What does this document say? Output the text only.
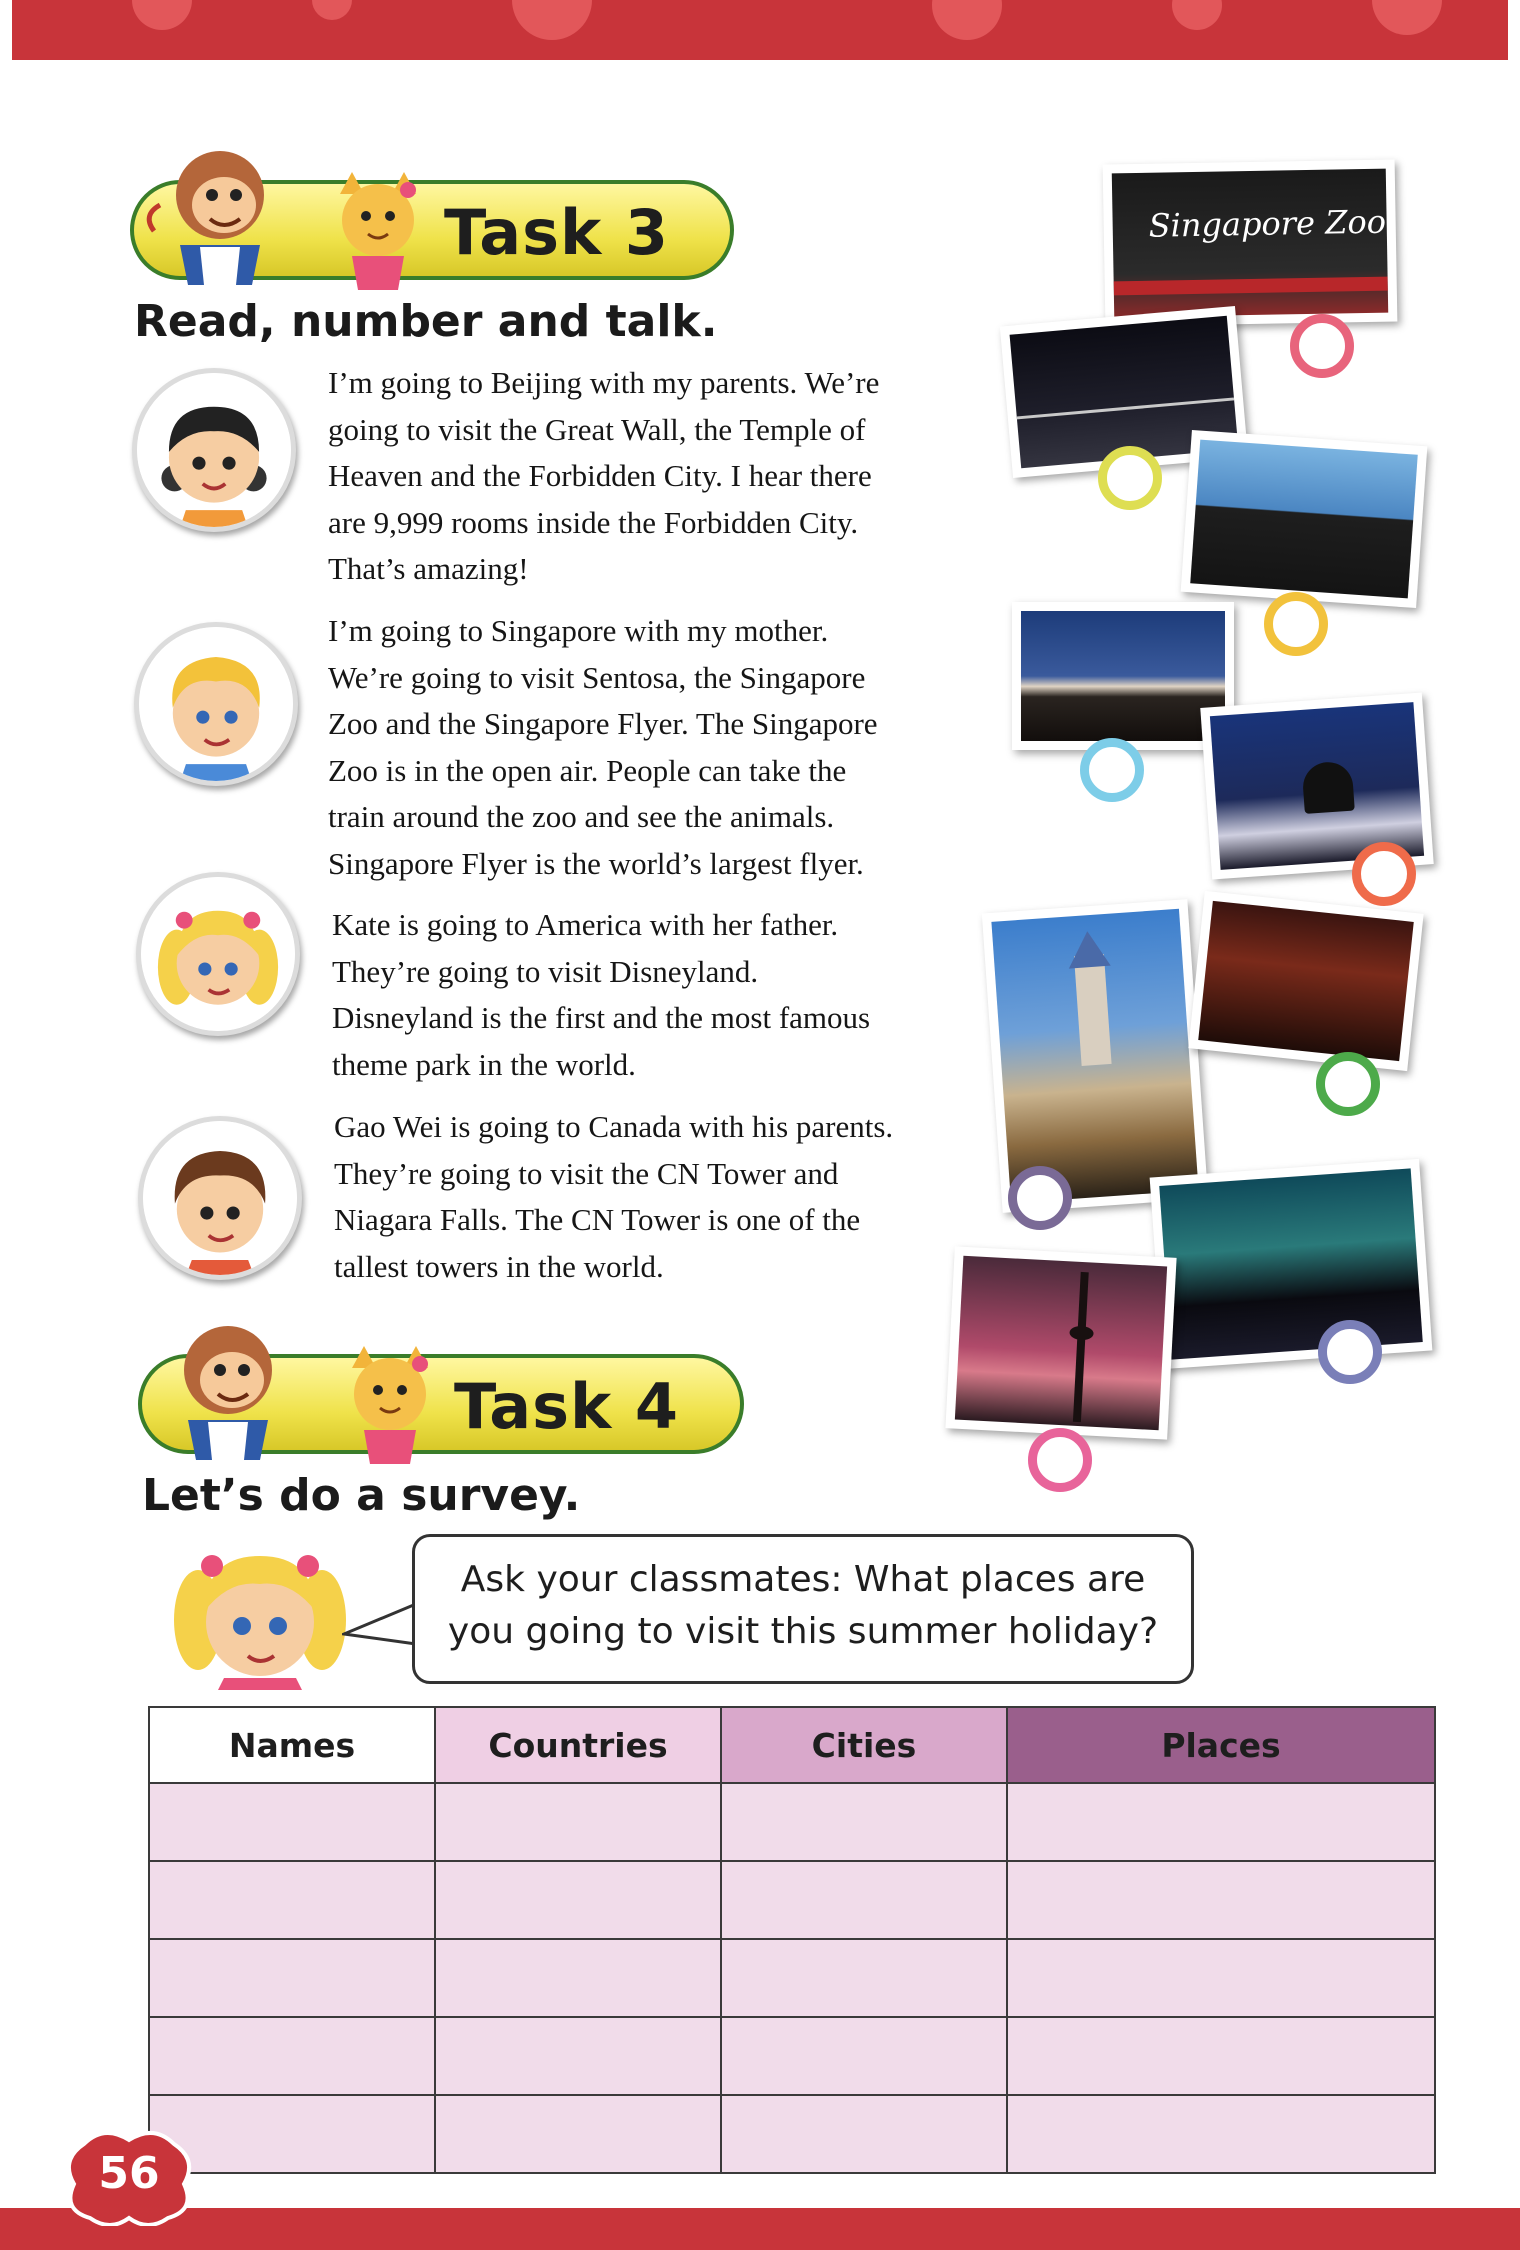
Task 3
Read, number and talk.
I’m going to Beijing with my parents. We’re
going to visit the Great Wall, the Temple of
Heaven and the Forbidden City. I hear there
are 9,999 rooms inside the Forbidden City.
That’s amazing!
I’m going to Singapore with my mother.
We’re going to visit Sentosa, the Singapore
Zoo and the Singapore Flyer. The Singapore
Zoo is in the open air. People can take the
train around the zoo and see the animals.
Singapore Flyer is the world’s largest flyer.
Kate is going to America with her father.
They’re going to visit Disneyland.
Disneyland is the first and the most famous
theme park in the world.
Gao Wei is going to Canada with his parents.
They’re going to visit the CN Tower and
Niagara Falls. The CN Tower is one of the
tallest towers in the world.
Singapore Zoo
Task 4
Let’s do a survey.
Ask your classmates: What places are
you going to visit this summer holiday?
Names	Countries	Cities	Places

56
